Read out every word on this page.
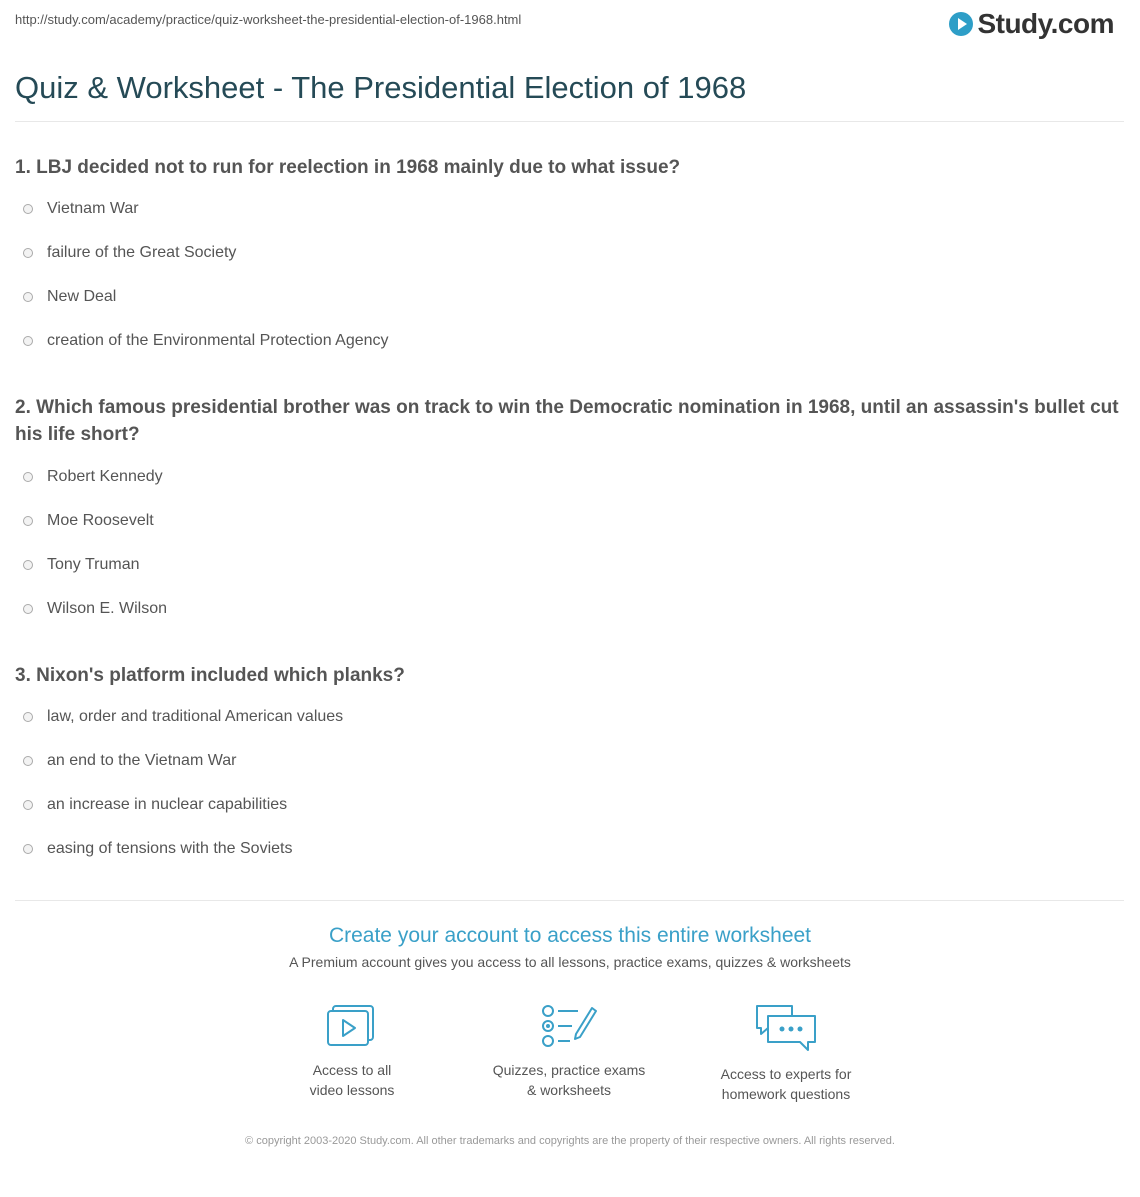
http://study.com/academy/practice/quiz-worksheet-the-presidential-election-of-1968.html	Study.com
Quiz & Worksheet - The Presidential Election of 1968
1. LBJ decided not to run for reelection in 1968 mainly due to what issue?
Vietnam War
failure of the Great Society
New Deal
creation of the Environmental Protection Agency
2. Which famous presidential brother was on track to win the Democratic nomination in 1968, until an assassin's bullet cut his life short?
Robert Kennedy
Moe Roosevelt
Tony Truman
Wilson E. Wilson
3. Nixon's platform included which planks?
law, order and traditional American values
an end to the Vietnam War
an increase in nuclear capabilities
easing of tensions with the Soviets
Create your account to access this entire worksheet
A Premium account gives you access to all lessons, practice exams, quizzes & worksheets
Access to all
video lessons
Quizzes, practice exams
& worksheets
Access to experts for
homework questions
© copyright 2003-2020 Study.com. All other trademarks and copyrights are the property of their respective owners. All rights reserved.
